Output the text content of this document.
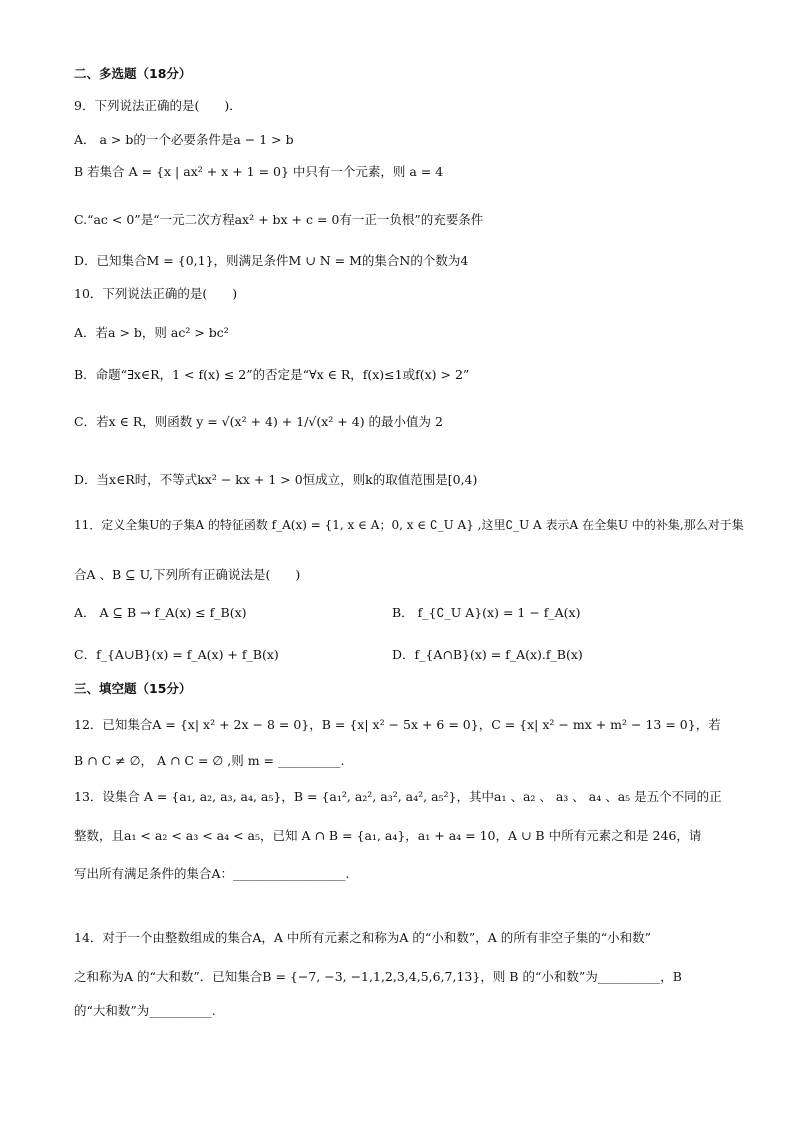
二、多选题（18分）
9．下列说法正确的是(　　)．
A． a > b的一个必要条件是a − 1 > b
B 若集合 A = {x | ax² + x + 1 = 0} 中只有一个元素，则 a = 4
C.“ac < 0”是“一元二次方程ax² + bx + c = 0有一正一负根”的充要条件
D．已知集合M = {0,1}，则满足条件M ∪ N = M的集合N的个数为4
10．下列说法正确的是(　　)
A．若a > b，则 ac² > bc²
B．命题“∃x∈R，1 < f(x) ≤ 2”的否定是“∀x ∈ R，f(x)≤1或f(x) > 2”
C．若x ∈ R，则函数 y = √(x² + 4) + 1/√(x² + 4) 的最小值为 2
D．当x∈R时，不等式kx² − kx + 1 > 0恒成立，则k的取值范围是[0,4)
11．定义全集U的子集A 的特征函数 f_A(x) = {1, x ∈ A；0, x ∈ ∁_U A} ,这里∁_U A 表示A 在全集U 中的补集,那么对于集
合A 、B ⊆ U,下列所有正确说法是(　　)
A． A ⊆ B → f_A(x) ≤ f_B(x)	B． f_{∁_U A}(x) = 1 − f_A(x)
C．f_{A∪B}(x) = f_A(x) + f_B(x)	D．f_{A∩B}(x) = f_A(x).f_B(x)
三、填空题（15分）
12．已知集合A = {x| x² + 2x − 8 = 0}，B = {x| x² − 5x + 6 = 0}，C = {x| x² − mx + m² − 13 = 0}，若
B ∩ C ≠ ∅， A ∩ C = ∅ ,则 m = __________.
13．设集合 A = {a₁, a₂, a₃, a₄, a₅}，B = {a₁², a₂², a₃², a₄², a₅²}，其中a₁ 、a₂ 、 a₃ 、 a₄ 、a₅ 是五个不同的正
整数，且a₁ < a₂ < a₃ < a₄ < a₅，已知 A ∩ B = {a₁, a₄}，a₁ + a₄ = 10，A ∪ B 中所有元素之和是 246，请
写出所有满足条件的集合A：__________________.
14．对于一个由整数组成的集合A，A 中所有元素之和称为A 的“小和数”，A 的所有非空子集的“小和数”
之和称为A 的“大和数”．已知集合B = {−7, −3, −1,1,2,3,4,5,6,7,13}，则 B 的“小和数”为__________，B
的“大和数”为__________.
